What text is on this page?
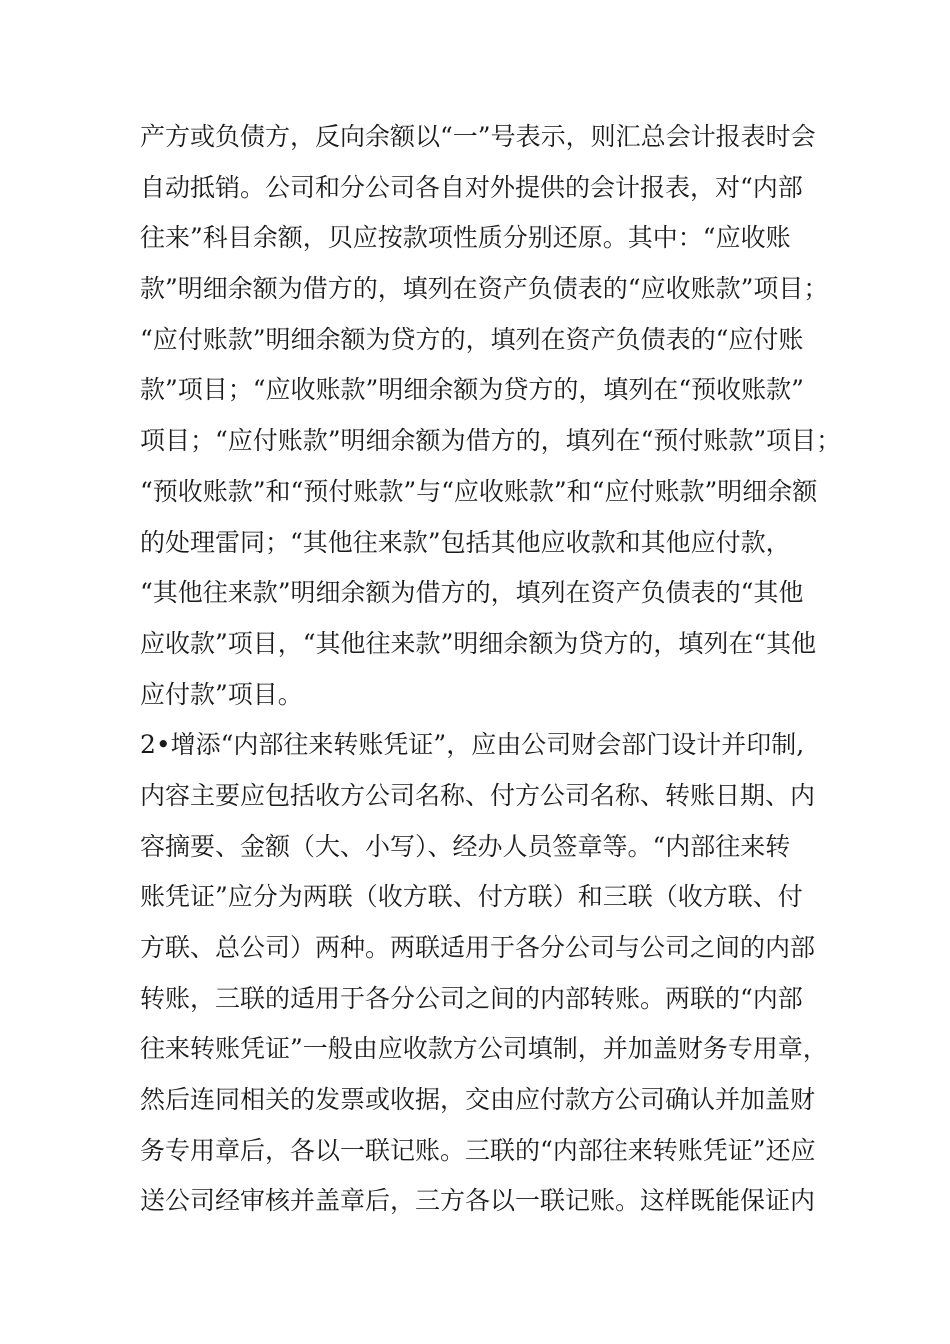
产方或负债方，反向余额以“一”号表示，则汇总会计报表时会
自动抵销。公司和分公司各自对外提供的会计报表，对“内部
往来”科目余额，贝应按款项性质分别还原。其中：“应收账
款”明细余额为借方的，填列在资产负债表的“应收账款”项目；
“应付账款”明细余额为贷方的，填列在资产负债表的“应付账
款”项目；“应收账款”明细余额为贷方的，填列在“预收账款”
项目；“应付账款”明细余额为借方的，填列在“预付账款”项目；
“预收账款”和“预付账款”与“应收账款”和“应付账款”明细余额
的处理雷同；“其他往来款”包括其他应收款和其他应付款，
“其他往来款”明细余额为借方的，填列在资产负债表的“其他
应收款”项目，“其他往来款”明细余额为贷方的，填列在“其他
应付款”项目。
2•增添“内部往来转账凭证”，应由公司财会部门设计并印制,
内容主要应包括收方公司名称、付方公司名称、转账日期、内
容摘要、金额（大、小写）、经办人员签章等。“内部往来转
账凭证”应分为两联（收方联、付方联）和三联（收方联、付
方联、总公司）两种。两联适用于各分公司与公司之间的内部
转账，三联的适用于各分公司之间的内部转账。两联的“内部
往来转账凭证”一般由应收款方公司填制，并加盖财务专用章，
然后连同相关的发票或收据，交由应付款方公司确认并加盖财
务专用章后，各以一联记账。三联的“内部往来转账凭证”还应
送公司经审核并盖章后，三方各以一联记账。这样既能保证内
